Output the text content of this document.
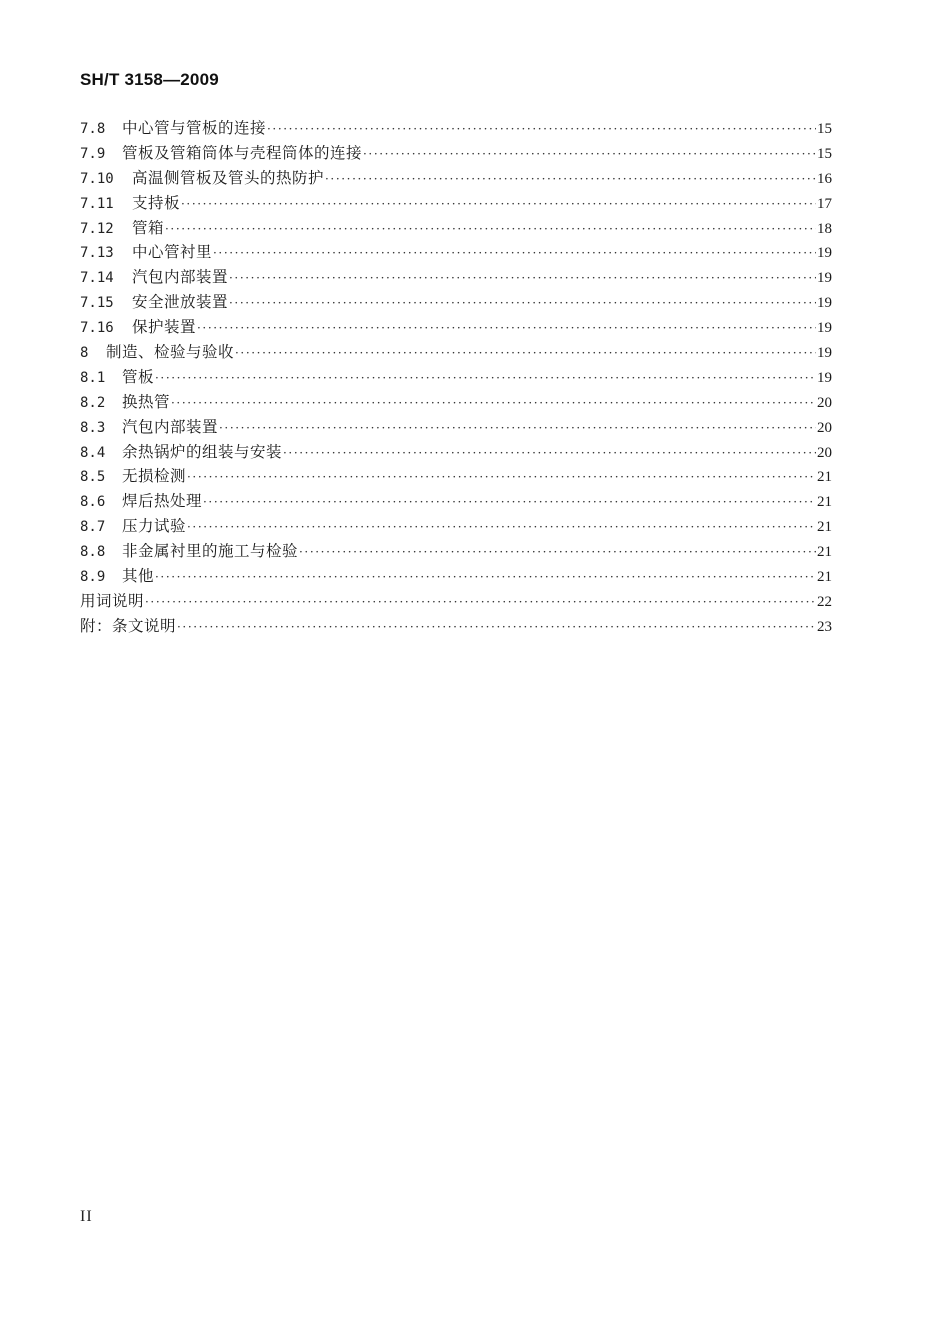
SH/T 3158—2009
7.8	中心管与管板的连接 ·····	15
7.9	管板及管箱筒体与壳程筒体的连接 ·····	15
7.10	高温侧管板及管头的热防护 ·····	16
7.11	支持板 ·····	17
7.12	管箱 ·····	18
7.13	中心管衬里 ·····	19
7.14	汽包内部装置 ·····	19
7.15	安全泄放装置 ·····	19
7.16	保护装置 ·····	19
8	制造、检验与验收 ·····	19
8.1	管板 ·····	19
8.2	换热管 ·····	20
8.3	汽包内部装置 ·····	20
8.4	余热锅炉的组装与安装 ·····	20
8.5	无损检测 ·····	21
8.6	焊后热处理 ·····	21
8.7	压力试验 ·····	21
8.8	非金属衬里的施工与检验 ·····	21
8.9	其他 ·····	21
用词说明 ·····	22
附：条文说明 ·····	23
II
